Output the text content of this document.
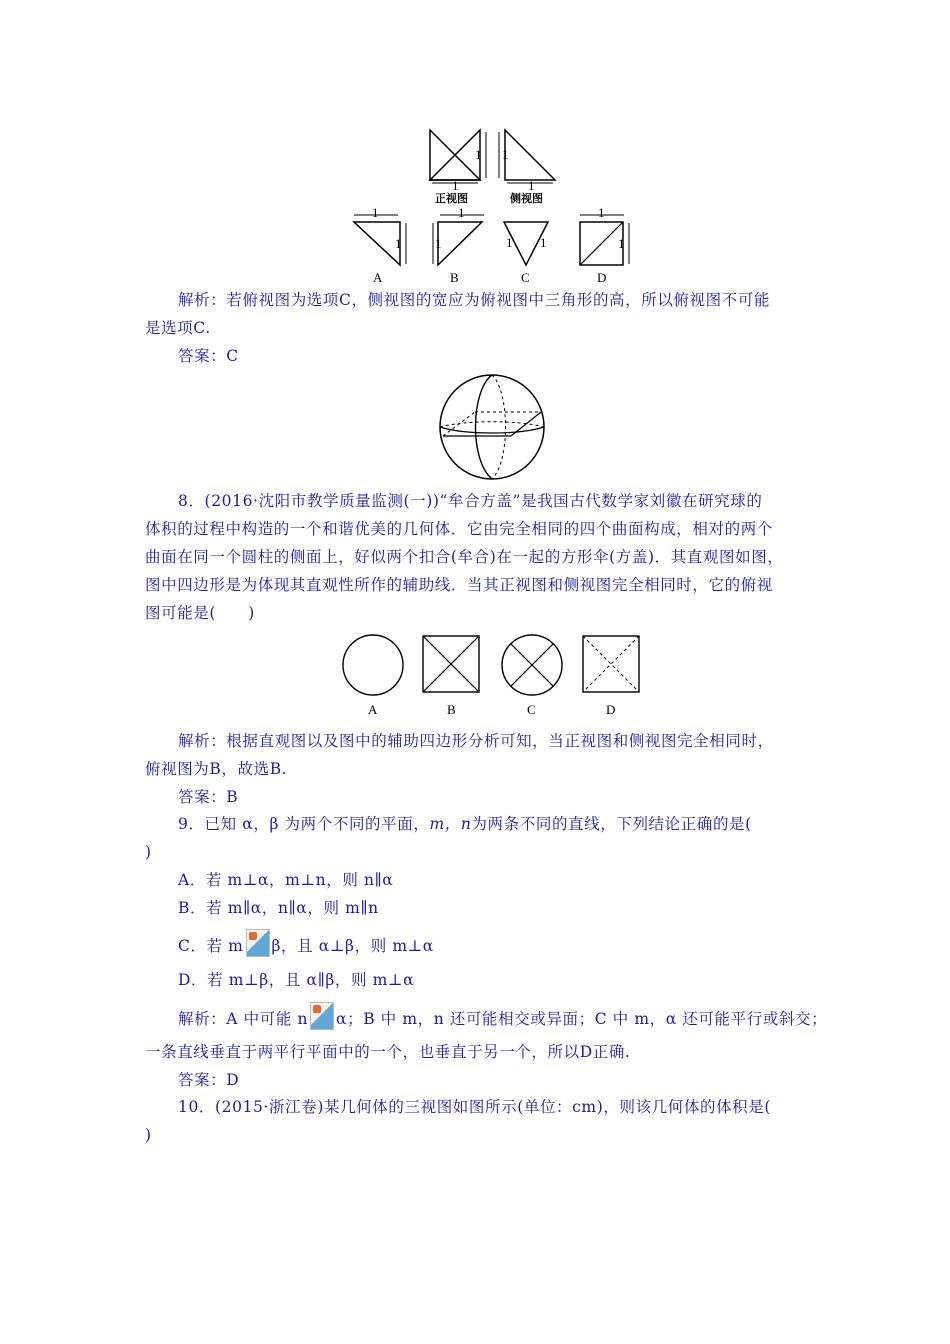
1
1
正视图
1
1
侧视图
1
1
A
1
1
B
1 1
C
1
1
D
解析：若俯视图为选项C，侧视图的宽应为俯视图中三角形的高，所以俯视图不可能
是选项C.
答案：C
8．(2016·沈阳市教学质量监测(一))“牟合方盖”是我国古代数学家刘徽在研究球的
体积的过程中构造的一个和谐优美的几何体．它由完全相同的四个曲面构成，相对的两个
曲面在同一个圆柱的侧面上，好似两个扣合(牟合)在一起的方形伞(方盖)．其直观图如图，
图中四边形是为体现其直观性所作的辅助线．当其正视图和侧视图完全相同时，它的俯视
图可能是(　　)
A	B	C	D
解析：根据直观图以及图中的辅助四边形分析可知，当正视图和侧视图完全相同时，
俯视图为B，故选B.
答案：B
9．已知 α，β 为两个不同的平面，m，n为两条不同的直线，下列结论正确的是(
)
A．若 m⊥α，m⊥n，则 n∥α
B．若 m∥α，n∥α，则 m∥n
C．若 m β，且 α⊥β，则 m⊥α
D．若 m⊥β，且 α∥β，则 m⊥α
解析：A 中可能 n α；B 中 m，n 还可能相交或异面；C 中 m，α 还可能平行或斜交；
一条直线垂直于两平行平面中的一个，也垂直于另一个，所以D正确.
答案：D
10．(2015·浙江卷)某几何体的三视图如图所示(单位：cm)，则该几何体的体积是(
)
